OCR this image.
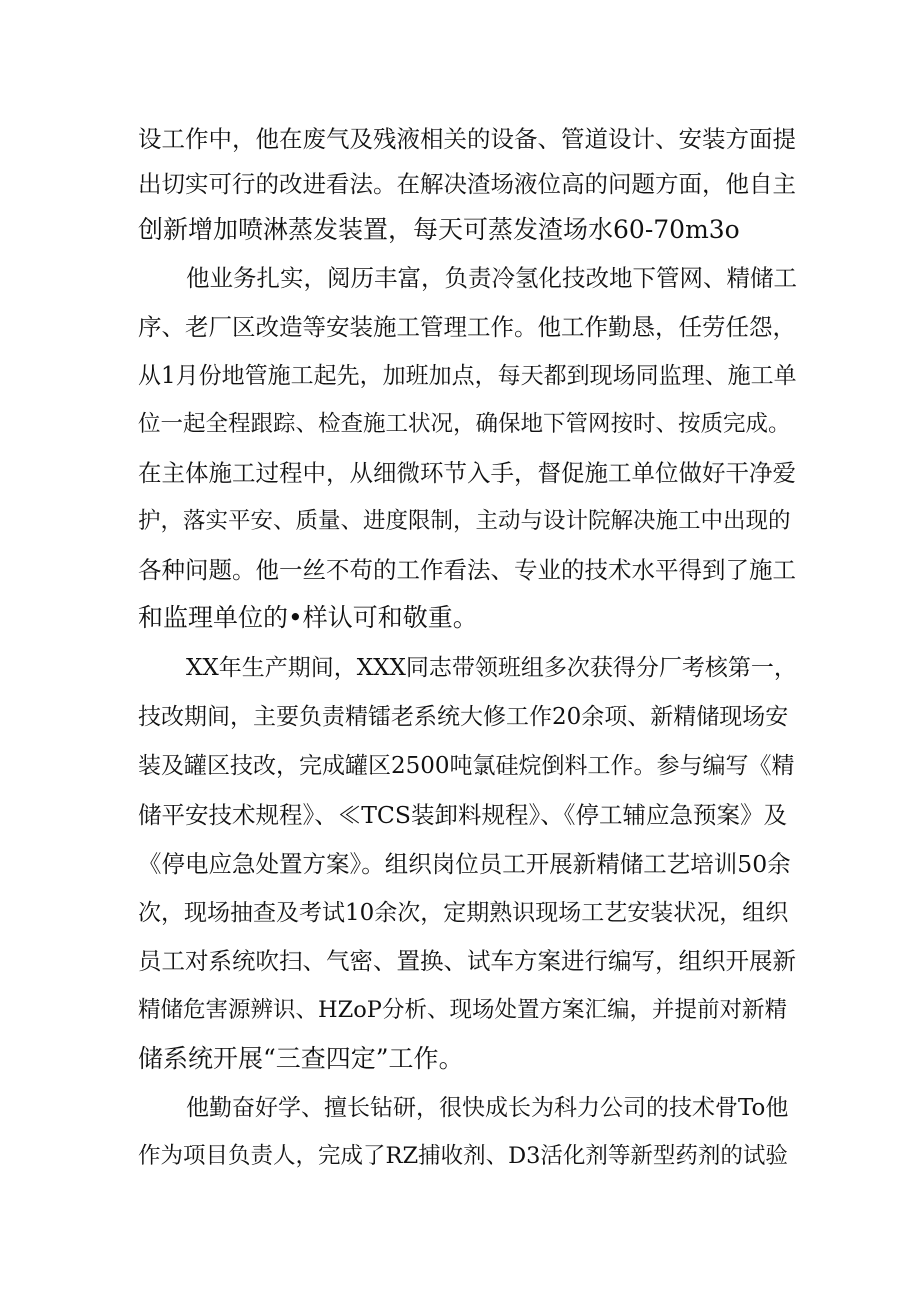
设工作中，他在废气及残液相关的设备、管道设计、安装方面提
出切实可行的改进看法。在解决渣场液位高的问题方面，他自主
创新增加喷淋蒸发装置，每天可蒸发渣场水60-70m3o
他业务扎实，阅历丰富，负责冷氢化技改地下管网、精储工
序、老厂区改造等安装施工管理工作。他工作勤恳，任劳任怨，
从1月份地管施工起先，加班加点，每天都到现场同监理、施工单
位一起全程跟踪、检查施工状况，确保地下管网按时、按质完成。
在主体施工过程中，从细微环节入手，督促施工单位做好干净爱
护，落实平安、质量、进度限制，主动与设计院解决施工中出现的
各种问题。他一丝不苟的工作看法、专业的技术水平得到了施工
和监理单位的•样认可和敬重。
XX年生产期间，XXX同志带领班组多次获得分厂考核第一，
技改期间，主要负责精镭老系统大修工作20余项、新精储现场安
装及罐区技改，完成罐区2500吨氯硅烷倒料工作。参与编写《精
储平安技术规程》、≪TCS装卸料规程》、《停工辅应急预案》及
《停电应急处置方案》。组织岗位员工开展新精储工艺培训50余
次，现场抽查及考试10余次，定期熟识现场工艺安装状况，组织
员工对系统吹扫、气密、置换、试车方案进行编写，组织开展新
精储危害源辨识、HZoP分析、现场处置方案汇编，并提前对新精
储系统开展“三查四定”工作。
他勤奋好学、擅长钻研，很快成长为科力公司的技术骨To他
作为项目负责人，完成了RZ捕收剂、D3活化剂等新型药剂的试验
